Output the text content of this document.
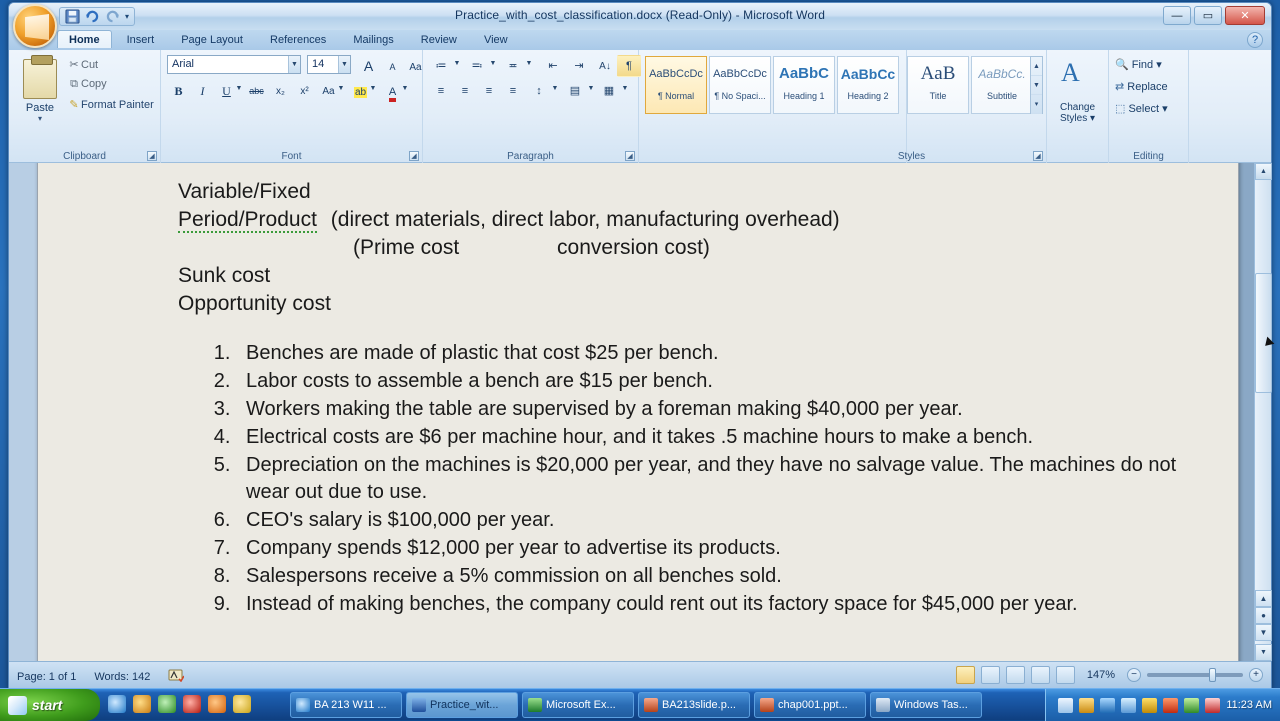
Practice_with_cost_classification.docx (Read-Only) - Microsoft Word	—	▭	✕
▾
Home Insert Page Layout References Mailings Review View	?
Paste
▾
✂ Cut
⧉ Copy
✎ Format Painter
Clipboard	◢
Arial	▼	14	▼	A	A	Aa
B	I	U ▼ abc	x₂	x²	Aa ▼	ab ▼	A ▼
Font	◢
≔	▼	≕	▼	≖	▼	⇤	⇥	A↓	¶
≡	≡	≡	≡	↕	▼	▤	▼ ▦	▼
Paragraph	◢
AaBbCcDc
¶ Normal
AaBbCcDc
¶ No Spaci...
AaBbC
Heading 1
AaBbCc
Heading 2
AaB
Title
AaBbCc.
Subtitle
▲
▼
▾
Styles	◢
A
Change
Styles ▾
🔍 Find ▾
⇄ Replace
⬚ Select ▾
Editing
Variable/Fixed
Period/Product (direct materials, direct labor, manufacturing overhead)
(Prime cost	conversion cost)
Sunk cost
Opportunity cost
1. Benches are made of plastic that cost $25 per bench.
2. Labor costs to assemble a bench are $15 per bench.
3. Workers making the table are supervised by a foreman making $40,000 per year.
4. Electrical costs are $6 per machine hour, and it takes .5 machine hours to make a bench.
5. Depreciation on the machines is $20,000 per year, and they have no salvage value. The machines do not wear out due to use.
6. CEO's salary is $100,000 per year.
7. Company spends $12,000 per year to advertise its products.
8. Salespersons receive a 5% commission on all benches sold.
9. Instead of making benches, the company could rent out its factory space for $45,000 per year.
▲
▲
●
▼
▼
Page: 1 of 1 Words: 142	147%	−	+
start	BA 213 W11 ...	Practice_wit...	Microsoft Ex...	BA213slide.p...	chap001.ppt...	Windows Tas...	11:23 AM
